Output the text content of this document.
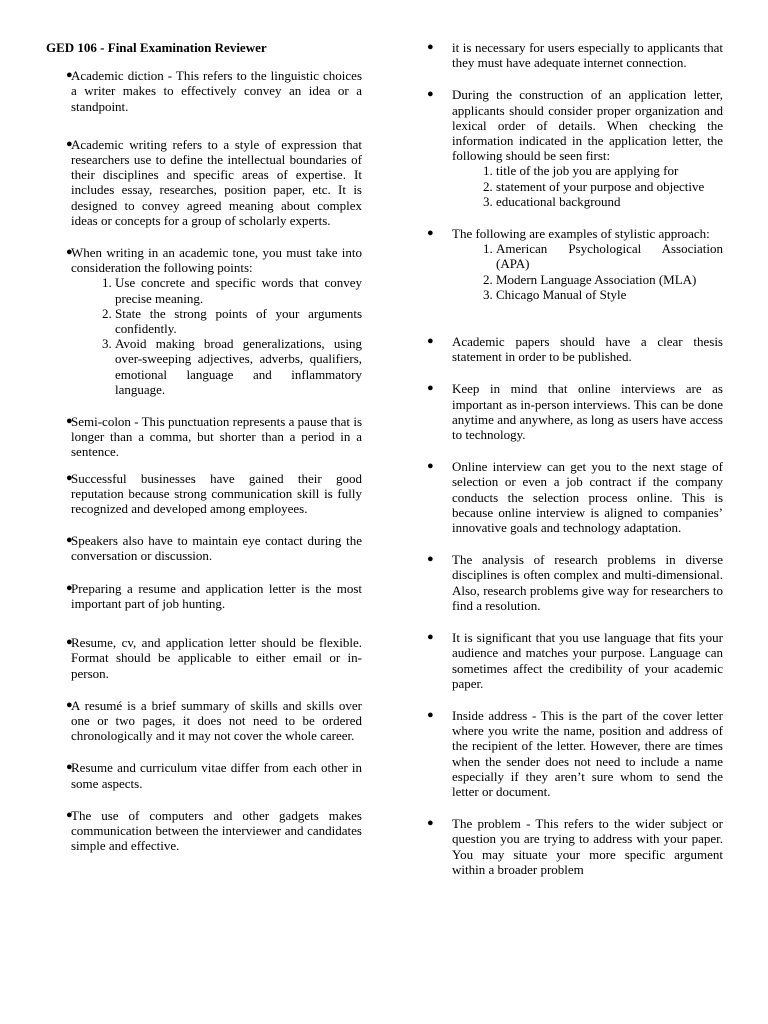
GED 106 - Final Examination Reviewer
●
Academic diction - This refers to the linguistic choices a writer makes to effectively convey an idea or a standpoint.
●
Academic writing refers to a style of expression that researchers use to define the intellectual boundaries of their disciplines and specific areas of expertise. It includes essay, researches, position paper, etc. It is designed to convey agreed meaning about complex ideas or concepts for a group of scholarly experts.
●
When writing in an academic tone, you must take into consideration the following points:
1. Use concrete and specific words that convey precise meaning.
2. State the strong points of your arguments confidently.
3. Avoid making broad generalizations, using over-sweeping adjectives, adverbs, qualifiers, emotional language and inflammatory language.
●
Semi-colon - This punctuation represents a pause that is longer than a comma, but shorter than a period in a sentence.
●
Successful businesses have gained their good reputation because strong communication skill is fully recognized and developed among employees.
●
Speakers also have to maintain eye contact during the conversation or discussion.
●
Preparing a resume and application letter is the most important part of job hunting.
●
Resume, cv, and application letter should be flexible. Format should be applicable to either email or in-person.
●
A resumé is a brief summary of skills and skills over one or two pages, it does not need to be ordered chronologically and it may not cover the whole career.
●
Resume and curriculum vitae differ from each other in some aspects.
●
The use of computers and other gadgets makes communication between the interviewer and candidates simple and effective.
● it is necessary for users especially to applicants that they must have adequate internet connection.
● During the construction of an application letter, applicants should consider proper organization and lexical order of details. When checking the information indicated in the application letter, the following should be seen first:
1. title of the job you are applying for
2. statement of your purpose and objective
3. educational background
● The following are examples of stylistic approach:
1. American Psychological Association (APA)
2. Modern Language Association (MLA)
3. Chicago Manual of Style
● Academic papers should have a clear thesis statement in order to be published.
● Keep in mind that online interviews are as important as in-person interviews. This can be done anytime and anywhere, as long as users have access to technology.
● Online interview can get you to the next stage of selection or even a job contract if the company conducts the selection process online. This is because online interview is aligned to companies’ innovative goals and technology adaptation.
● The analysis of research problems in diverse disciplines is often complex and multi-dimensional. Also, research problems give way for researchers to find a resolution.
● It is significant that you use language that fits your audience and matches your purpose. Language can sometimes affect the credibility of your academic paper.
● Inside address - This is the part of the cover letter where you write the name, position and address of the recipient of the letter. However, there are times when the sender does not need to include a name especially if they aren’t sure whom to send the letter or document.
● The problem - This refers to the wider subject or question you are trying to address with your paper. You may situate your more specific argument within a broader problem
